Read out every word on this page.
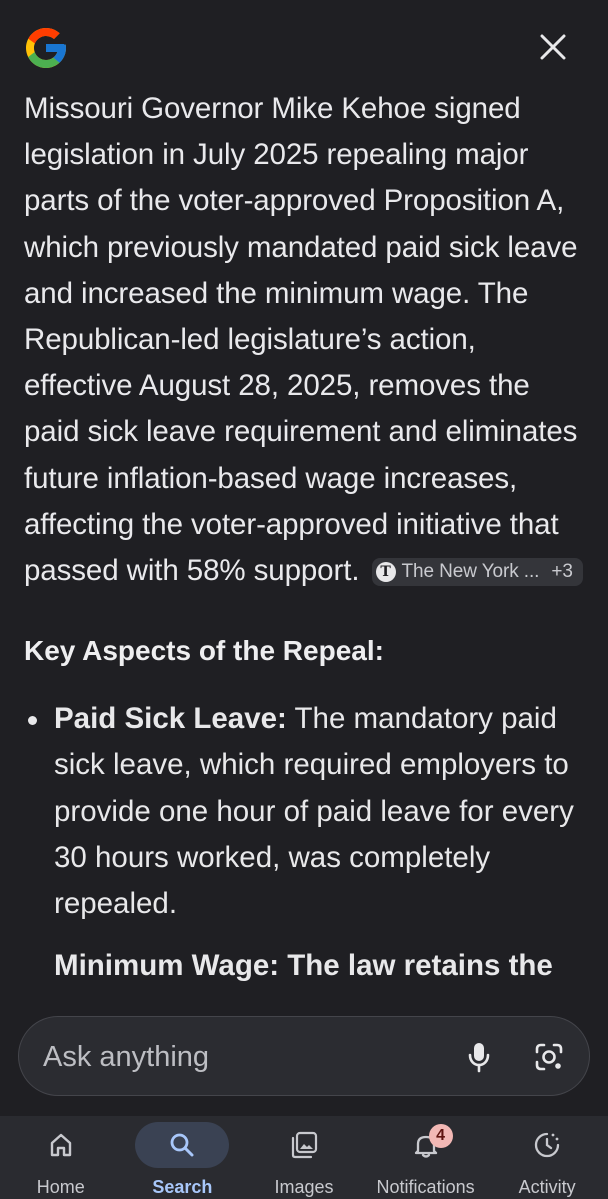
Missouri Governor Mike Kehoe signed legislation in July 2025 repealing major parts of the voter-approved Proposition A, which previously mandated paid sick leave and increased the minimum wage. The Republican-led legislature’s action, effective August 28, 2025, removes the paid sick leave requirement and eliminates future inflation-based wage increases, affecting the voter-approved initiative that passed with 58% support.	T The New York ... +3

Key Aspects of the Repeal:
Paid Sick Leave: The mandatory paid sick leave, which required employers to provide one hour of paid leave for every 30 hours worked, was completely repealed.
Minimum Wage: The law retains the
Ask anything
Home	Search	Images
4
Notifications Activity
